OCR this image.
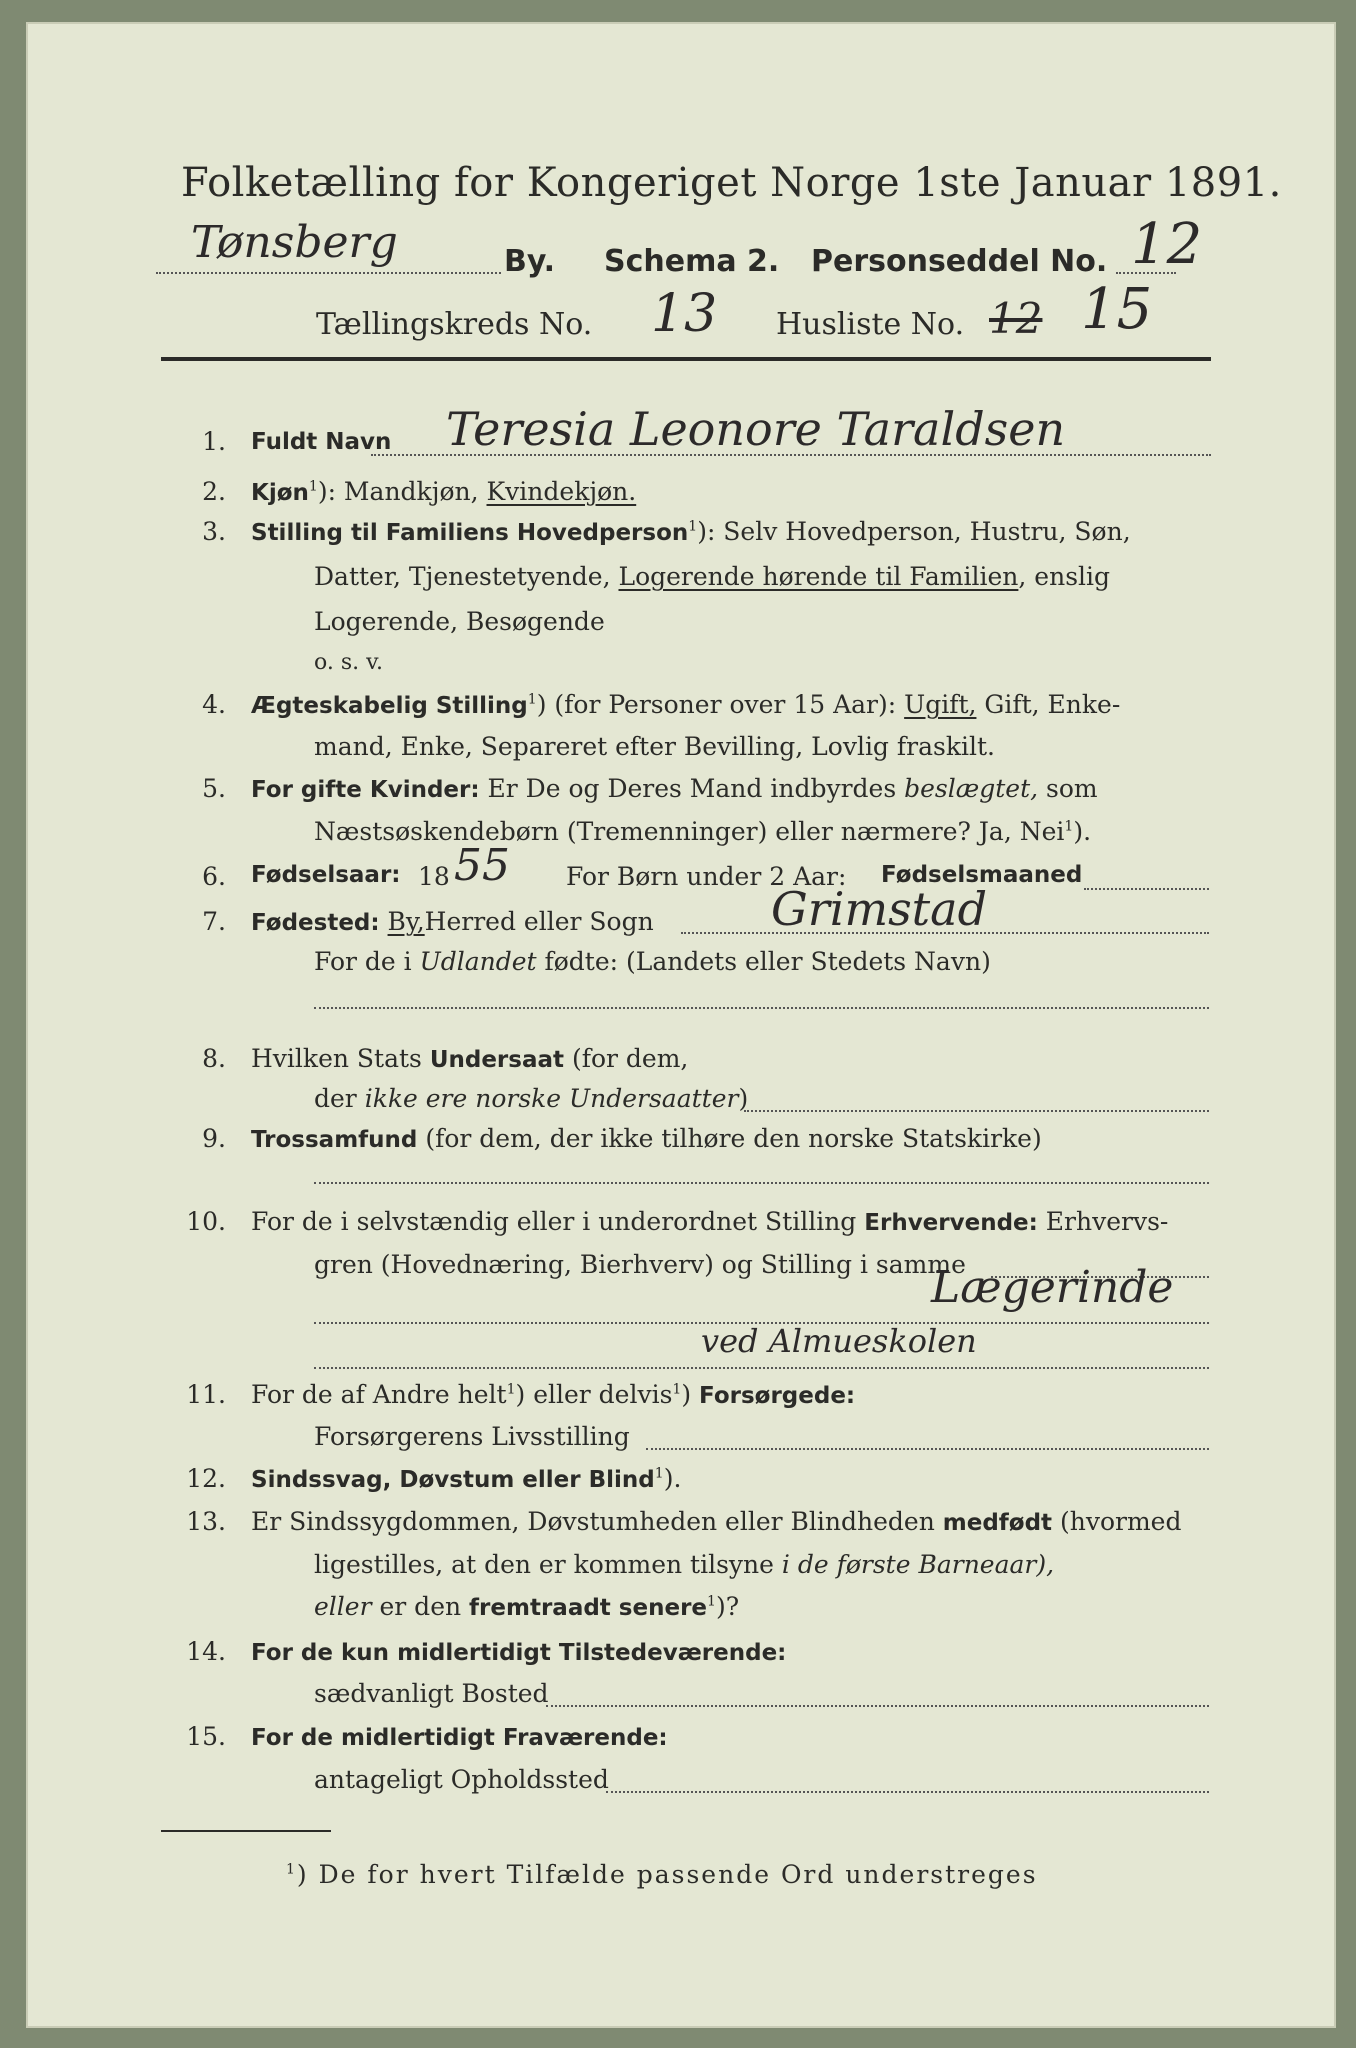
Folketælling for Kongeriget Norge 1ste Januar 1891.
Tønsberg	By. Schema 2. Personseddel No. 12
Tællingskreds No. 13 Husliste No. 12 15
1. Fuldt Navn Teresia Leonore Taraldsen
2. Kjøn$^1$): Mandkjøn, Kvindekjøn.
3. Stilling til Familiens Hovedperson$^1$): Selv Hovedperson, Hustru, Søn,
Datter, Tjenestetyende, Logerende hørende til Familien, enslig
Logerende, Besøgende
o. s. v.
4. Ægteskabelig Stilling$^1$) (for Personer over 15 Aar): Ugift, Gift, Enke-
mand, Enke, Separeret efter Bevilling, Lovlig fraskilt.
5. For gifte Kvinder: Er De og Deres Mand indbyrdes beslægtet, som
Næstsøskendebørn (Tremenninger) eller nærmere? Ja, Nei$^1$).
6. Fødselsaar: 18 55 For Børn under 2 Aar: Fødselsmaaned
7. Fødested: By,Herred eller Sogn	Grimstad
For de i Udlandet fødte: (Landets eller Stedets Navn)
8. Hvilken Stats Undersaat (for dem,
der ikke ere norske Undersaatter)
9. Trossamfund (for dem, der ikke tilhøre den norske Statskirke)
10. For de i selvstændig eller i underordnet Stilling Erhvervende: Erhvervs-
gren (Hovednæring, Bierhverv) og Stilling i samme
Lægerinde
ved Almueskolen
11. For de af Andre helt$^1$) eller delvis$^1$) Forsørgede:
Forsørgerens Livsstilling
12. Sindssvag, Døvstum eller Blind$^1$).
13. Er Sindssygdommen, Døvstumheden eller Blindheden medfødt (hvormed
ligestilles, at den er kommen tilsyne i de første Barneaar),
eller er den fremtraadt senere$^1$)?
14. For de kun midlertidigt Tilstedeværende:
sædvanligt Bosted
15. For de midlertidigt Fraværende:
antageligt Opholdssted
$^1$) De for hvert Tilfælde passende Ord understreges
